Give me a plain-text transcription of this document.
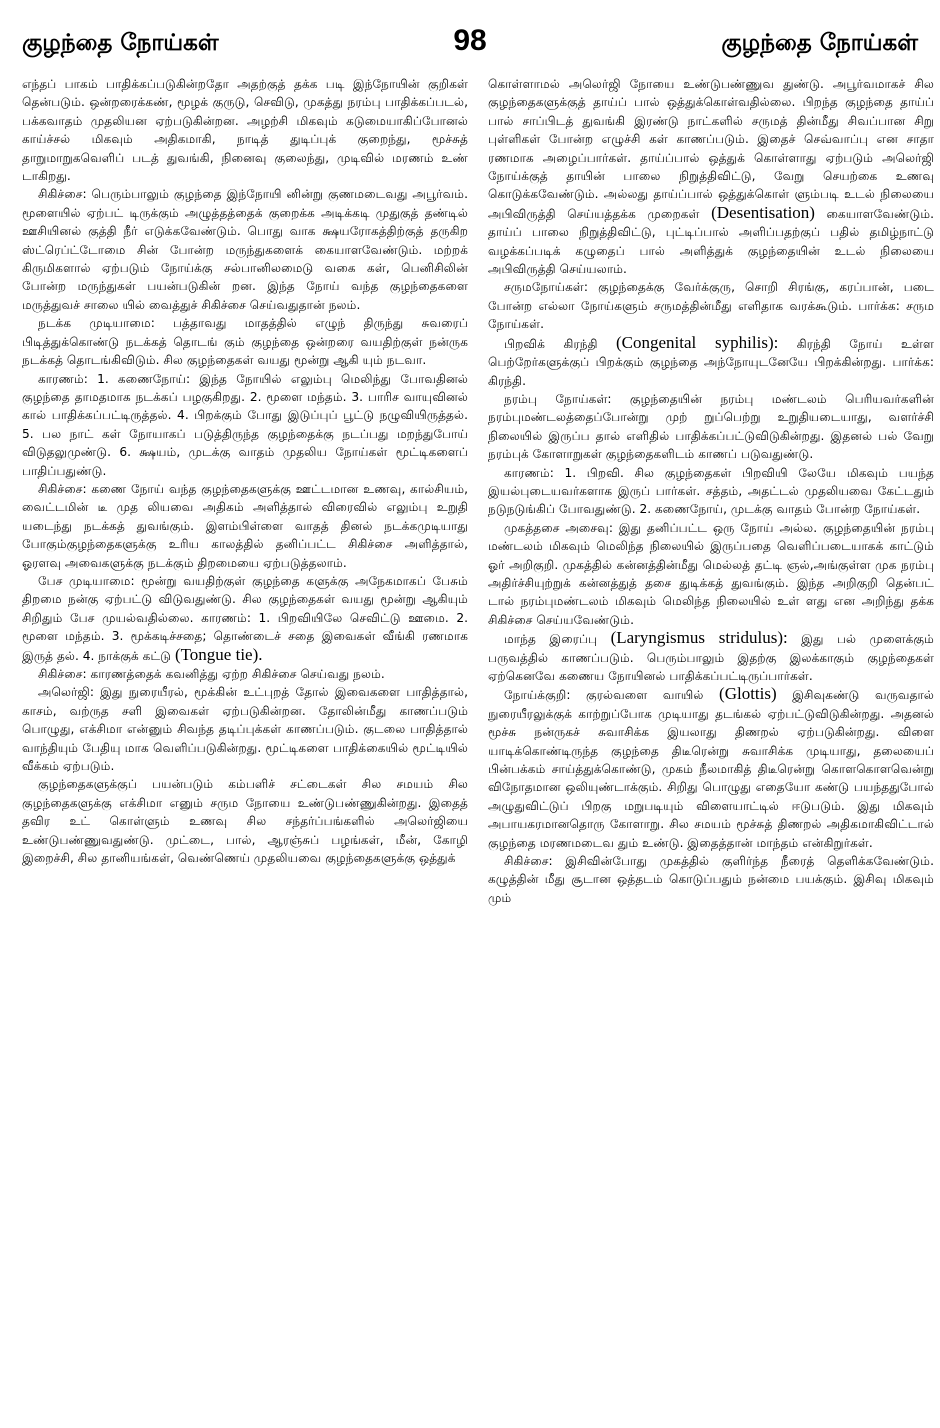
குழந்தை நோய்கள்	98	குழந்தை நோய்கள்

எந்தப் பாகம் பாதிக்கப்படுகின்றதோ அதற்குத் தக்க படி இந்நோயின் குறிகள் தென்படும். ஒன்றரைக்கண், மூழக் குருடு, செவிடு, முகத்து நரம்பு பாதிக்கப்படல், பக்கவாதம் முதலியன ஏற்படுகின்றன. அழற்சி மிகவும் கடுமையாகிப்போனல் காய்ச்சல் மிகவும் அதிகமாகி, நாடித் துடிப்புக் குறைந்து, மூச்சுத் தாறுமாறுகவெளிப் படத் துவங்கி, நினைவு குலைந்து, முடிவில் மரணம் உண் டாகிறது.

சிகிச்சை: பெரும்பாலும் குழந்தை இந்நோயி னின்று குணமடைவது அபூர்வம். மூளையில் ஏற்பட் டிருக்கும் அழுத்தத்தைக் குறைக்க அடிக்கடி முதுகுத் தண்டில் ஊசியினல் குத்தி நீர் எடுக்கவேண்டும். பொது வாக க்ஷயரோகத்திற்குத் தருகிற ஸ்ட்ரெப்ட்டோமை சின் போன்ற மருந்துகளைக் கையாளவேண்டும். மற்றக் கிருமிகளால் ஏற்படும் நோய்க்கு சல்பானிலமைடு வகை கள், பெனிசிலின் போன்ற மருந்துகள் பயன்படுகின் றன. இந்த நோய் வந்த குழந்தைகளை மருத்துவச் சாலை யில் வைத்துச் சிகிச்சை செய்வதுதான் நலம்.

நடக்க முடியாமை: பத்தாவது மாதத்தில் எழுந் திருந்து சுவரைப் பிடித்துக்கொண்டு நடக்கத் தொடங் கும் குழந்தை ஒன்றரை வயதிற்குள் நன்ருக நடக்கத் தொடங்கிவிடும். சில குழந்தைகள் வயது மூன்று ஆகி யும் நடவா.

காரணம்: 1. கணைநோய்: இந்த நோயில் எலும்பு மெலிந்து போவதினல் குழந்தை தாமதமாக நடக்கப் பழகுகிறது. 2. மூளை மந்தம். 3. பாரிச வாயுவினல் கால் பாதிக்கப்பட்டிருத்தல். 4. பிறக்கும் போது இடுப்புப் பூட்டு நழுவியிருத்தல். 5. பல நாட் கள் நோயாகப் படுத்திருந்த குழந்தைக்கு நடப்பது மறந்துபோய் விடுதலுமுண்டு. 6. க்ஷயம், முடக்கு வாதம் முதலிய நோய்கள் மூட்டிகளைப் பாதிப்பதுண்டு.

சிகிச்சை: கணை நோய் வந்த குழந்தைகளுக்கு ஊட்டமான உணவு, கால்சியம், வைட்டமின் டீ முத லியவை அதிகம் அளித்தால் விரைவில் எலும்பு உறுதி யடைந்து நடக்கத் துவங்கும். இளம்பிள்ளை வாதத் தினல் நடக்கமுடியாது போகும்குழந்தைகளுக்கு உரிய காலத்தில் தனிப்பட்ட சிகிச்சை அளித்தால், ஓரளவு அவைகளுக்கு நடக்கும் திறமையை ஏற்படுத்தலாம்.

பேச முடியாமை: மூன்று வயதிற்குள் குழந்தை களுக்கு அநேகமாகப் பேசும் திறமை நன்கு ஏற்பட்டு விடுவதுண்டு. சில குழந்தைகள் வயது மூன்று ஆகியும் சிறிதும் பேச முயல்வதில்லை. காரணம்: 1. பிறவியிலே செவிட்டு ஊமை. 2. மூளை மந்தம். 3. மூக்கடிச்சதை; தொண்டைச் சதை இவைகள் வீங்கி ரணமாக இருத் தல். 4. நாக்குக் கட்டு (Tongue tie).

சிகிச்சை: காரணத்தைக் கவனித்து ஏற்ற சிகிச்சை செய்வது நலம்.

அலெர்ஜி: இது நுரையீரல், மூக்கின் உட்புறத் தோல் இவைகளை பாதித்தால், காசம், வற்ருத சளி இவைகள் ஏற்படுகின்றன. தோலின்மீது காணப்படும் பொழுது, எக்சிமா என்னும் சிவந்த தடிப்புக்கள் காணப்படும். குடலை பாதித்தால் வாந்தியும் பேதியு மாக வெளிப்படுகின்றது. மூட்டிகளை பாதிக்கையில் மூட்டியில் வீக்கம் ஏற்படும்.

குழந்தைகளுக்குப் பயன்படும் கம்பளிச் சட்டைகள் சில சமயம் சில குழந்தைகளுக்கு எக்சிமா எனும் சரும நோயை உண்டுபண்ணுகின்றது. இதைத் தவிர உட் கொள்ளும் உணவு சில சந்தர்ப்பங்களில் அலெர்ஜியை உண்டுபண்ணுவதுண்டு. முட்டை, பால், ஆரஞ்சுப் பழங்கள், மீன், கோழி இறைச்சி, சில தானியங்கள், வெண்ணெய் முதலியவை குழந்தைகளுக்கு ஒத்துக்

கொள்ளாமல் அலெர்ஜி நோயை உண்டுபண்ணுவ துண்டு. அபூர்வமாகச் சில குழந்தைகளுக்குத் தாய்ப் பால் ஒத்துக்கொள்வதில்லை. பிறந்த குழந்தை தாய்ப் பால் சாப்பிடத் துவங்கி இரண்டு நாட்களில் சருமத் தின்மீது சிவப்பான சிறு புள்ளிகள் போன்ற எழுச்சி கள் காணப்படும். இதைச் செவ்வாப்பு என சாதா ரணமாக அழைப்பார்கள். தாய்ப்பால் ஒத்துக் கொள்ளாது ஏற்படும் அலெர்ஜி நோய்க்குத் தாயின் பாலை நிறுத்திவிட்டு, வேறு செயற்கை உணவு கொடுக்கவேண்டும். அல்லது தாய்ப்பால் ஒத்துக்கொள் ளும்படி உடல் நிலையை அபிவிருத்தி செய்யத்தக்க முறைகள் (Desentisation) கையாளவேண்டும். தாய்ப் பாலை நிறுத்திவிட்டு, புட்டிப்பால் அளிப்பதற்குப் பதில் தமிழ்நாட்டு வழக்கப்படிக் கழுதைப் பால் அளித்துக் குழந்தையின் உடல் நிலையை அபிவிருத்தி செய்யலாம்.

சருமநோய்கள்: குழந்தைக்கு வேர்க்குரு, சொறி சிரங்கு, கரப்பான், படை போன்ற எல்லா நோய்களும் சருமத்தின்மீது எளிதாக வரக்கூடும். பார்க்க: சரும நோய்கள்.

பிறவிக் கிரந்தி (Congenital syphilis): கிரந்தி நோய் உள்ள பெற்றேர்களுக்குப் பிறக்கும் குழந்தை அந்நோயுடனேயே பிறக்கின்றது. பார்க்க: கிரந்தி.

நரம்பு நோய்கள்: குழந்தையின் நரம்பு மண்டலம் பெரியவர்களின் நரம்புமண்டலத்தைப்போன்று முற் றுப்பெற்று உறுதியடையாது, வளர்ச்சி நிலையில் இருப்ப தால் எளிதில் பாதிக்கப்பட்டுவிடுகின்றது. இதனல் பல் வேறு நரம்புக் கோளாறுகள் குழந்தைகளிடம் காணப் படுவதுண்டு.

காரணம்: 1. பிறவி. சில குழந்தைகள் பிறவியி லேயே மிகவும் பயந்த இயல்புடையவர்களாக இருப் பார்கள். சத்தம், அதட்டல் முதலியவை கேட்டதும் நடுநடுங்கிப் போவதுண்டு. 2. கணைநோய், முடக்கு வாதம் போன்ற நோய்கள்.

முகத்தசை அசைவு: இது தனிப்பட்ட ஒரு நோய் அல்ல. குழந்தையின் நரம்பு மண்டலம் மிகவும் மெலிந்த நிலையில் இருப்பதை வெளிப்படையாகக் காட்டும் ஓர் அறிகுறி. முகத்தில் கன்னத்தின்மீது மெல்லத் தட்டி ஞல்,அங்குள்ள முக நரம்பு அதிர்ச்சியுற்றுக் கன்னத்துத் தசை துடிக்கத் துவங்கும். இந்த அறிகுறி தென்பட் டால் நரம்புமண்டலம் மிகவும் மெலிந்த நிலையில் உள் ளது என அறிந்து தக்க சிகிச்சை செய்யவேண்டும்.

மாந்த இரைப்பு (Laryngismus stridulus): இது பல் முளைக்கும் பருவத்தில் காணப்படும். பெரும்பாலும் இதற்கு இலக்காகும் குழந்தைகள் ஏற்கெனவே கணைய நோயினல் பாதிக்கப்பட்டிருப்பார்கள்.

நோய்க்குறி: குரல்வளை வாயில் (Glottis) இசிவுகண்டு வருவதால் நுரையீரலுக்குக் காற்றுப்போக முடியாது தடங்கல் ஏற்பட்டுவிடுகின்றது. அதனல் மூச்சு நன்ருகச் சுவாசிக்க இயலாது திணறல் ஏற்படுகின்றது. விளை யாடிக்கொண்டிருந்த குழந்தை திடீரென்று சுவாசிக்க முடியாது, தலையைப் பின்பக்கம் சாய்த்துக்கொண்டு, முகம் நீலமாகித் திடீரென்று கொளகொளவென்று விநோதமான ஒலியுண்டாக்கும். சிறிது பொழுது எதையோ கண்டு பயந்ததுபோல் அழுதுவிட்டுப் பிறகு மறுபடியும் விளையாட்டில் ஈடுபடும். இது மிகவும் அபாயகரமானதொரு கோளாறு. சில சமயம் மூச்சுத் திணறல் அதிகமாகிவிட்டால் குழந்தை மரணமடைவ தும் உண்டு. இதைத்தான் மாந்தம் என்கிறுர்கள்.

சிகிச்சை: இசிவின்போது முகத்தில் குளிர்ந்த நீரைத் தெளிக்கவேண்டும். கழுத்தின் மீது சூடான ஒத்தடம் கொடுப்பதும் நன்மை பயக்கும். இசிவு மிகவும் மும்
